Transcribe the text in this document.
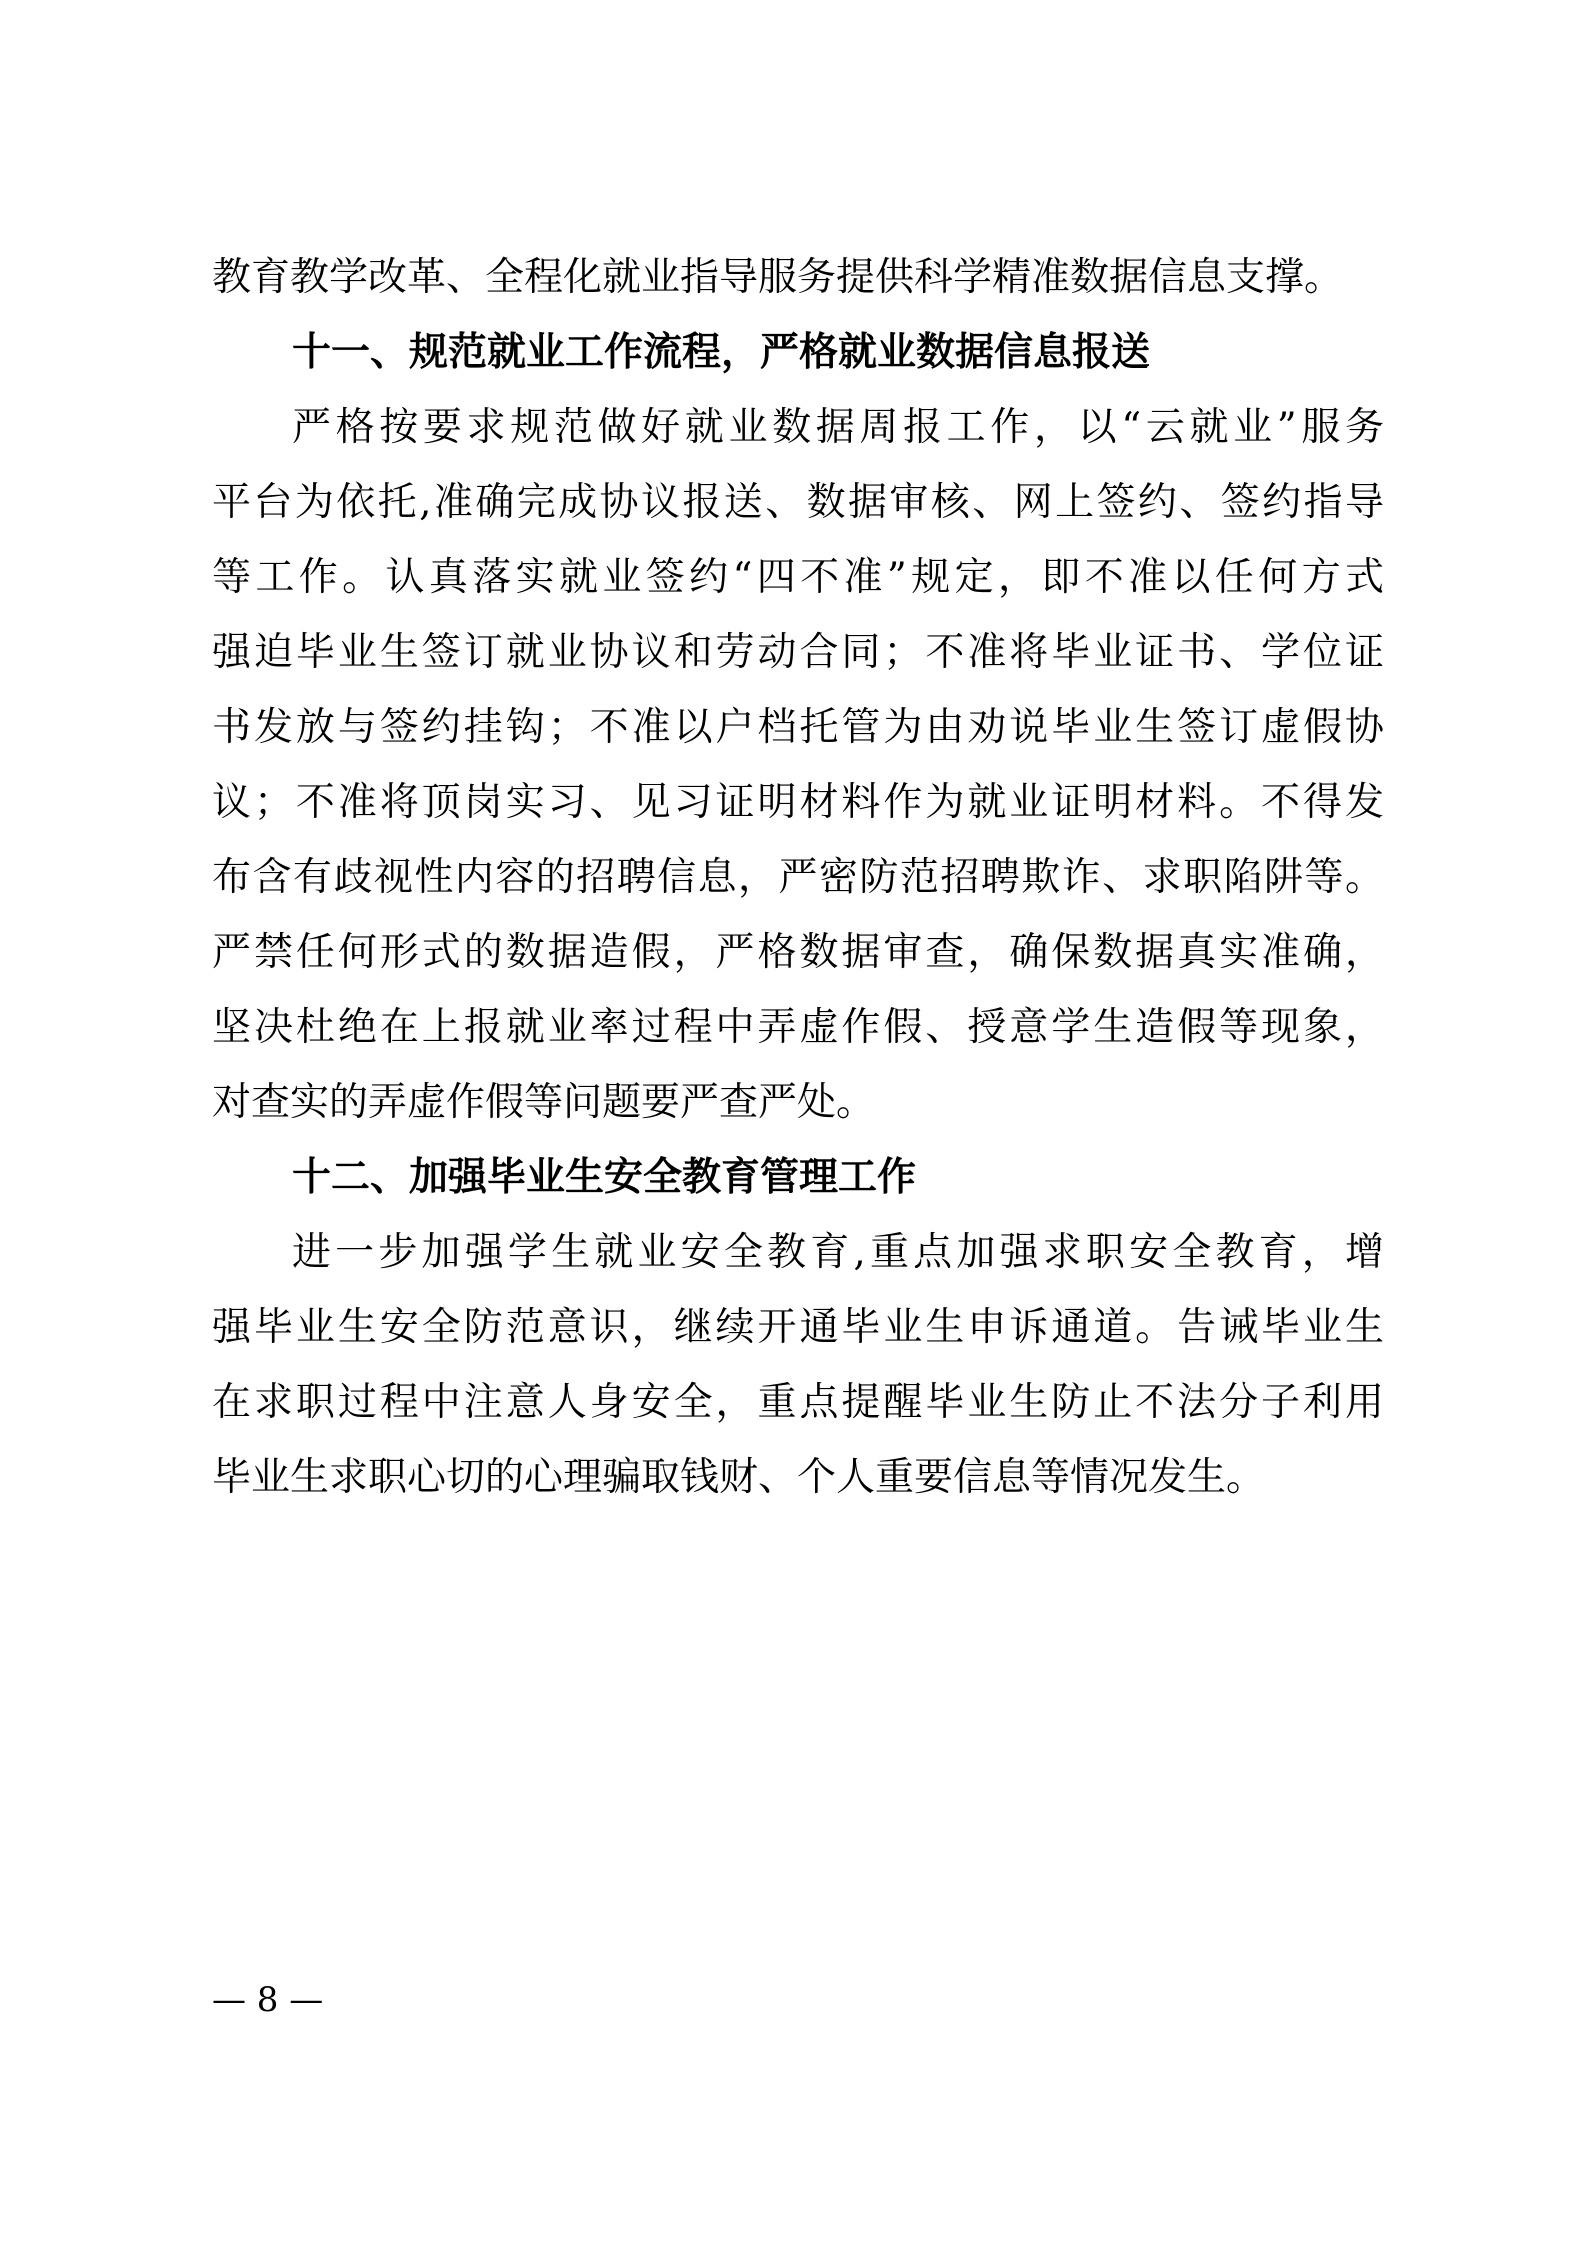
教育教学改革、全程化就业指导服务提供科学精准数据信息支撑。
十一、规范就业工作流程，严格就业数据信息报送
严格按要求规范做好就业数据周报工作，以“云就业”服务
平台为依托,准确完成协议报送、数据审核、网上签约、签约指导
等工作。认真落实就业签约“四不准”规定，即不准以任何方式
强迫毕业生签订就业协议和劳动合同；不准将毕业证书、学位证
书发放与签约挂钩；不准以户档托管为由劝说毕业生签订虚假协
议；不准将顶岗实习、见习证明材料作为就业证明材料。不得发
布含有歧视性内容的招聘信息，严密防范招聘欺诈、求职陷阱等。
严禁任何形式的数据造假，严格数据审查，确保数据真实准确，
坚决杜绝在上报就业率过程中弄虚作假、授意学生造假等现象，
对查实的弄虚作假等问题要严查严处。
十二、加强毕业生安全教育管理工作
进一步加强学生就业安全教育,重点加强求职安全教育，增
强毕业生安全防范意识，继续开通毕业生申诉通道。告诫毕业生
在求职过程中注意人身安全，重点提醒毕业生防止不法分子利用
毕业生求职心切的心理骗取钱财、个人重要信息等情况发生。
— 8 —
